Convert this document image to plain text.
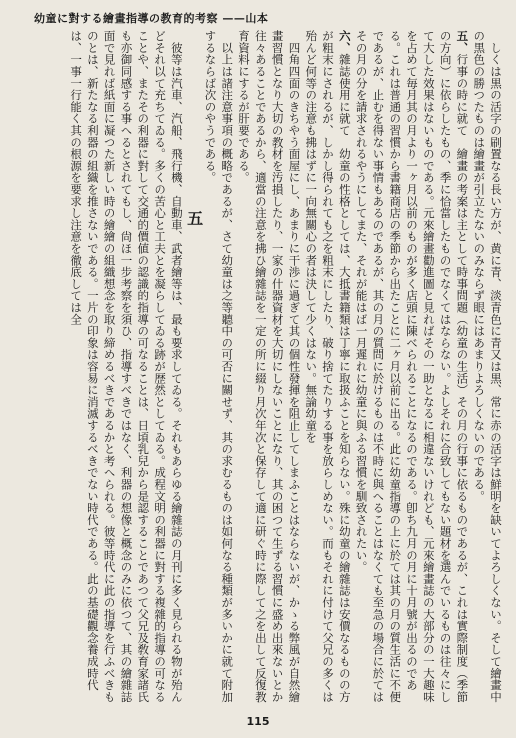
幼童に對する繪畫指導の教育的考察 ——山本

　しくは黒の活字の刷置なる長い方が、黄に青、淡青色に青又は黒、常に赤の活字は鮮明を缺いてよろしくない。そして繪畫中の黒色の勝つたものは繪畫が引立たないのみならず眼にはあまりよろしくないのである。

五、行事の時に就て　繪畫の考案は主として時事問題（幼童の生活）その月の行事に依るものであるが、これは實際制度（季節の方向）に依らしたもの、季に恰當したものでなくてはならない。よしそれに合致してもない題材を選んでいるものは往々にして大した效果はないものである。元來繪畫勸進圖と見ればその一助となるに相違ないけれども、元來繪畫誌の大部分の一大趣味を占めて毎月其の月より一ヶ月以前のものが多く店頭に陳べられることになるのである。卽ち九月の月に十月號が出るのである。これは普通の習慣から書籍商店の季節から出たことに二ヶ月以前に出る。此に幼童指導の上に於ては其の月の質生活に不便であるが、止むを得ない事情もあるのであるが、其の月の質問に於けるものは不時に與へることはなくても至急の場合に於てはその月の分を請求されるやうにしてまた、それが能はば一月遲れに幼童に與ふる習慣を馴致されたい。

六、雜誌使用に就て　幼童の性格としては、大抵書籍類は丁寧に取扱ふことを知らない。殊に幼童の繪雜誌は安價なるものの方が粗末にされるが、しかし得られても之を粗末にしたり、破り捨てたりする事を放らしめない。而もそれに付けて父兄の多くは殆んど何等の注意も拂はずに一向無關心の者は決して少くはない。無論幼童を

　四角四面のきちやう面屋にし、あまりに干渉に過ぎて其の個性發揮を阻止してしまふことはならないが、かゝる弊風が自然繪畫習慣となり大切の教材を汚損したり、一家の什器資材を大切にしないことになり、其の困つて生ずる習慣に盛め出來ないとか往々あることであるから、適當の注意を拂ひ繪雜誌を一定の所に綴り月次年次と保存して適に研ぐ時に際して之を出して反復教育資料にするが肝要である。

　以上は諸注意事項の概略であるが、さて幼童は之等聽中の可否に關せず、其の求むるものは如何なる種類が多いかに就て附加するならば次のやうである。

五

　彼等は汽車、汽船、飛行機、自動車、武者繪等は、最も要求してゐる。それもあらゆる繪雜誌の月刊に多く見られる物が殆んどそれ以て充ちてゐる。多くの苦心と工夫とを凝らしてゐる跡が歴然としてゐる。成程文明の利器に對する複雜的指導の可なることや、またその利器に對して交通的價値の認識的指導の可なることは、日頃乳兒から是認することであつて父兄及敎育家諸氏も亦御同感する事へるとされてもし、尙ほ一步考察を須ひ、指導すべきではなく、利器の想像と概念のみに依つて、其の繪雜誌面で見れば紙面に凝つた新しい時の繪繪の組織想念を取り締めるべきであるかと考へられる。彼等時代に此の指導を行ふべきものとは、新たなる利器の組織を推さないである。一片の印象は容易に消滅するべきでない時代である。此の基礎觀念養成時代は、一事一行能く其の根源を要求し注意を徹底しては全

115
